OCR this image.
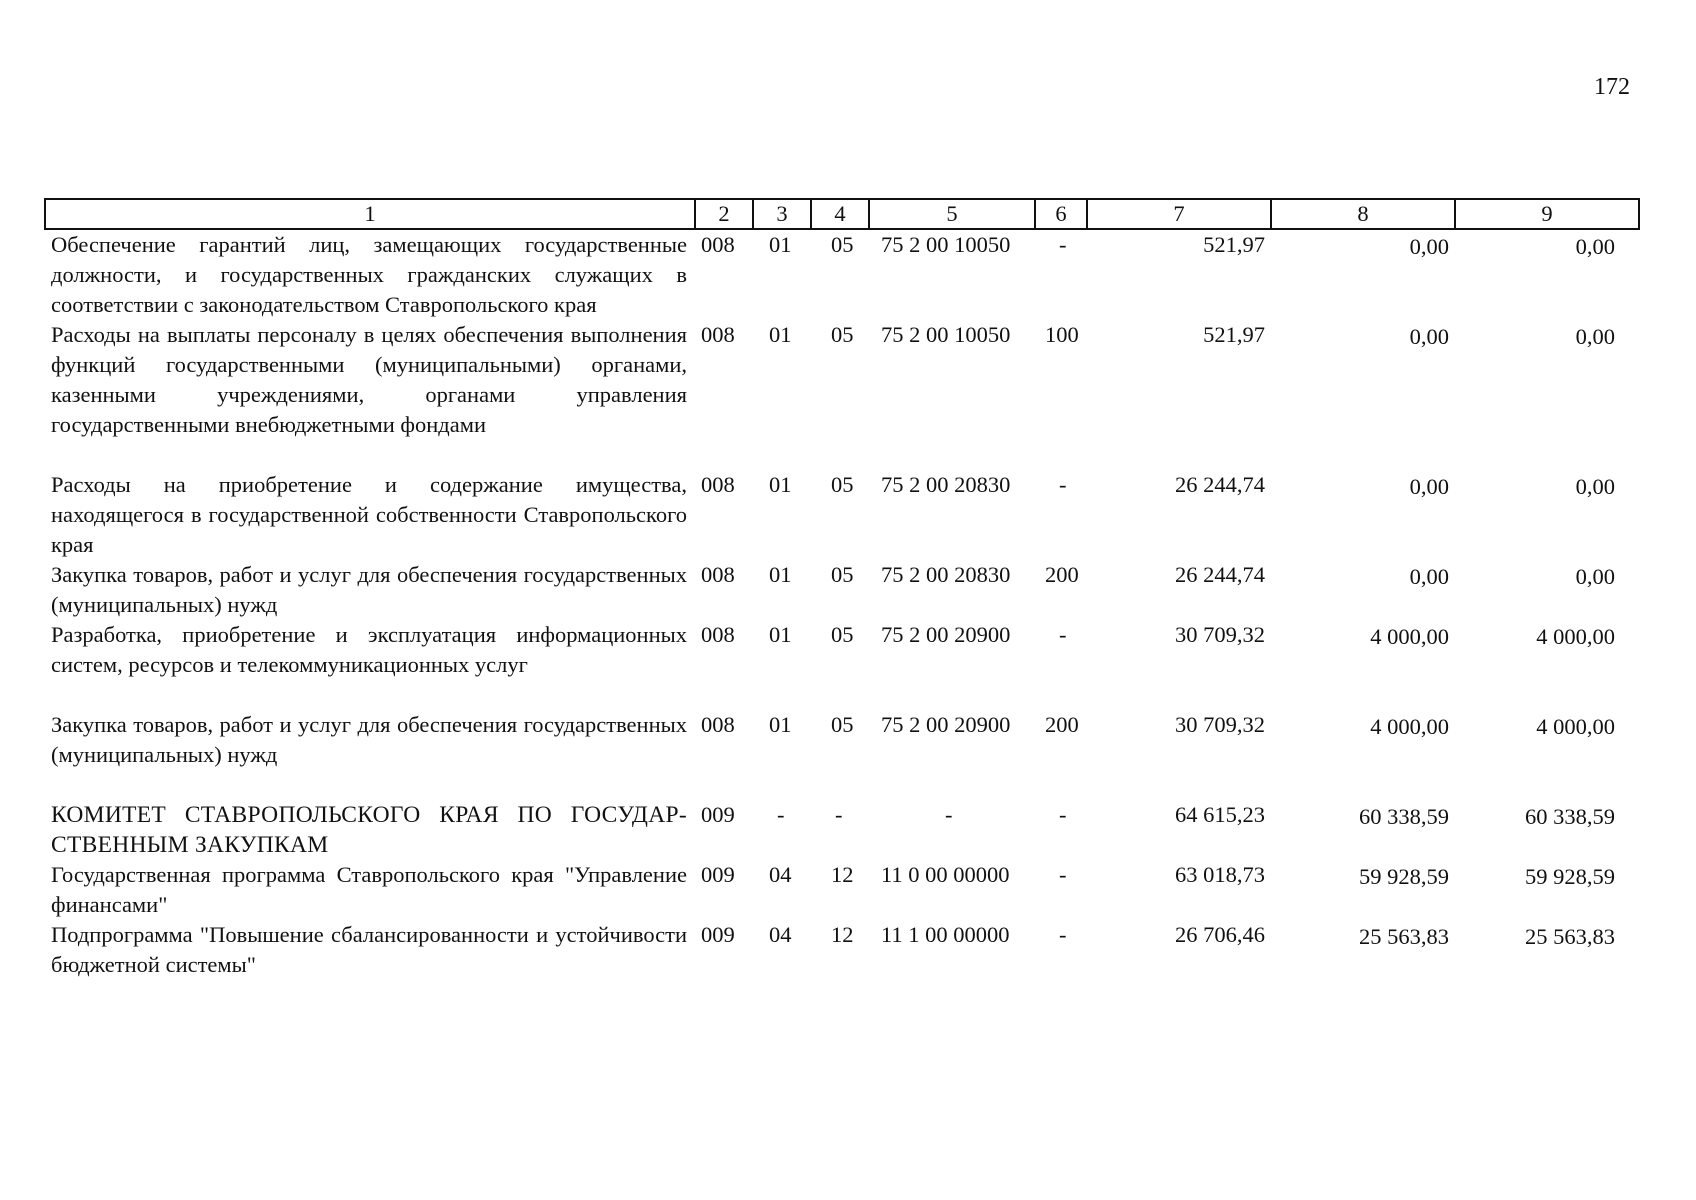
172
1	2	3	4	5	6	7	8	9
Обеспечение гарантий лиц, замещающих государственные должности, и государственных гражданских служащих в соответствии с законодательством Ставропольского края	008	01	05	75 2 00 10050	-	521,97	0,00	0,00
Расходы на выплаты персоналу в целях обеспечения выполнения функций государственными (муниципальными) органами, казенными учреждениями, органами управления государственными внебюджетными фондами	008	01	05	75 2 00 10050	100	521,97	0,00	0,00
Расходы на приобретение и содержание имущества, находящегося в государственной собственности Ставропольского края	008	01	05	75 2 00 20830	-	26 244,74	0,00	0,00
Закупка товаров, работ и услуг для обеспечения государственных (муниципальных) нужд	008	01	05	75 2 00 20830	200	26 244,74	0,00	0,00
Разработка, приобретение и эксплуатация информационных систем, ресурсов и телекоммуникационных услуг	008	01	05	75 2 00 20900	-	30 709,32	4 000,00	4 000,00
Закупка товаров, работ и услуг для обеспечения государственных (муниципальных) нужд	008	01	05	75 2 00 20900	200	30 709,32	4 000,00	4 000,00
КОМИТЕТ СТАВРОПОЛЬСКОГО КРАЯ ПО ГОСУДАР-СТВЕННЫМ ЗАКУПКАМ	009	-	-	-	-	64 615,23	60 338,59	60 338,59
Государственная программа Ставропольского края "Управление финансами"	009	04	12	11 0 00 00000	-	63 018,73	59 928,59	59 928,59
Подпрограмма "Повышение сбалансированности и устойчивости бюджетной системы"	009	04	12	11 1 00 00000	-	26 706,46	25 563,83	25 563,83
